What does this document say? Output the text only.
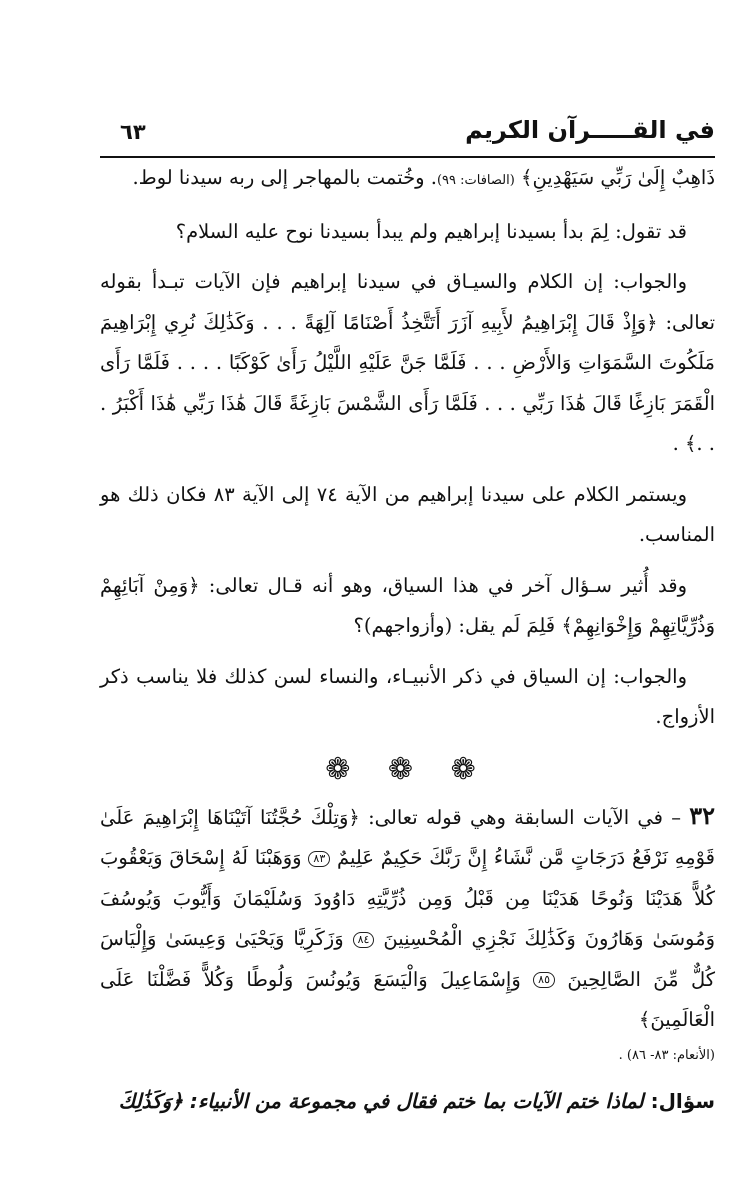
في القـــــرآن الكريم
٦٣

ذَاهِبٌ إِلَىٰ رَبِّي سَيَهْدِينِ﴾ (الصافات: ٩٩). وخُتمت بالمهاجر إلى ربه سيدنا لوط.

قد تقول: لِمَ بدأ بسيدنا إبراهيم ولم يبدأ بسيدنا نوح عليه السلام؟

والجواب: إن الكلام والسيـاق في سيدنا إبراهيم فإن الآيات تبـدأ بقوله تعالى: ﴿وَإِذْ قَالَ إِبْرَاهِيمُ لأَبِيهِ آزَرَ أَتَتَّخِذُ أَصْنَامًا آلِهَةً . . . وَكَذَٰلِكَ نُرِي إِبْرَاهِيمَ مَلَكُوتَ السَّمَوَاتِ وَالأَرْضِ . . . فَلَمَّا جَنَّ عَلَيْهِ اللَّيْلُ رَأَىٰ كَوْكَبًا . . . . فَلَمَّا رَأَى الْقَمَرَ بَازِغًا قَالَ هَٰذَا رَبِّي . . . فَلَمَّا رَأَى الشَّمْسَ بَازِغَةً قَالَ هَٰذَا رَبِّي هَٰذَا أَكْبَرُ . . .﴾ .

ويستمر الكلام على سيدنا إبراهيم من الآية ٧٤ إلى الآية ٨٣ فكان ذلك هو المناسب.

وقد أُثير سـؤال آخر في هذا السياق، وهو أنه قـال تعالى: ﴿وَمِنْ آبَائِهِمْ وَذُرِّيَّاتِهِمْ وَإِخْوَانِهِمْ﴾ فَلِمَ لَم يقل: (وأزواجهم)؟

والجواب: إن السياق في ذكر الأنبيـاء، والنساء لسن كذلك فلا يناسب ذكر الأزواج.

❁ ❁ ❁

٣٢ – في الآيات السابقة وهي قوله تعالى: ﴿وَتِلْكَ حُجَّتُنَا آتَيْنَاهَا إِبْرَاهِيمَ عَلَىٰ قَوْمِهِ نَرْفَعُ دَرَجَاتٍ مَّن نَّشَاءُ إِنَّ رَبَّكَ حَكِيمٌ عَلِيمٌ ٨٣ وَوَهَبْنَا لَهُ إِسْحَاقَ وَيَعْقُوبَ كُلاًّ هَدَيْنَا وَنُوحًا هَدَيْنَا مِن قَبْلُ وَمِن ذُرِّيَّتِهِ دَاوُودَ وَسُلَيْمَانَ وَأَيُّوبَ وَيُوسُفَ وَمُوسَىٰ وَهَارُونَ وَكَذَٰلِكَ نَجْزِي الْمُحْسِنِينَ ٨٤ وَزَكَرِيَّا وَيَحْيَىٰ وَعِيسَىٰ وَإِلْيَاسَ كُلٌّ مِّنَ الصَّالِحِينَ ٨٥ وَإِسْمَاعِيلَ وَالْيَسَعَ وَيُونُسَ وَلُوطًا وَكُلاًّ فَضَّلْنَا عَلَى الْعَالَمِينَ﴾

(الأنعام: ٨٣- ٨٦) .

سؤال: لماذا ختم الآيات بما ختم فقال في مجموعة من الأنبياء: ﴿وَكَذَٰلِكَ
